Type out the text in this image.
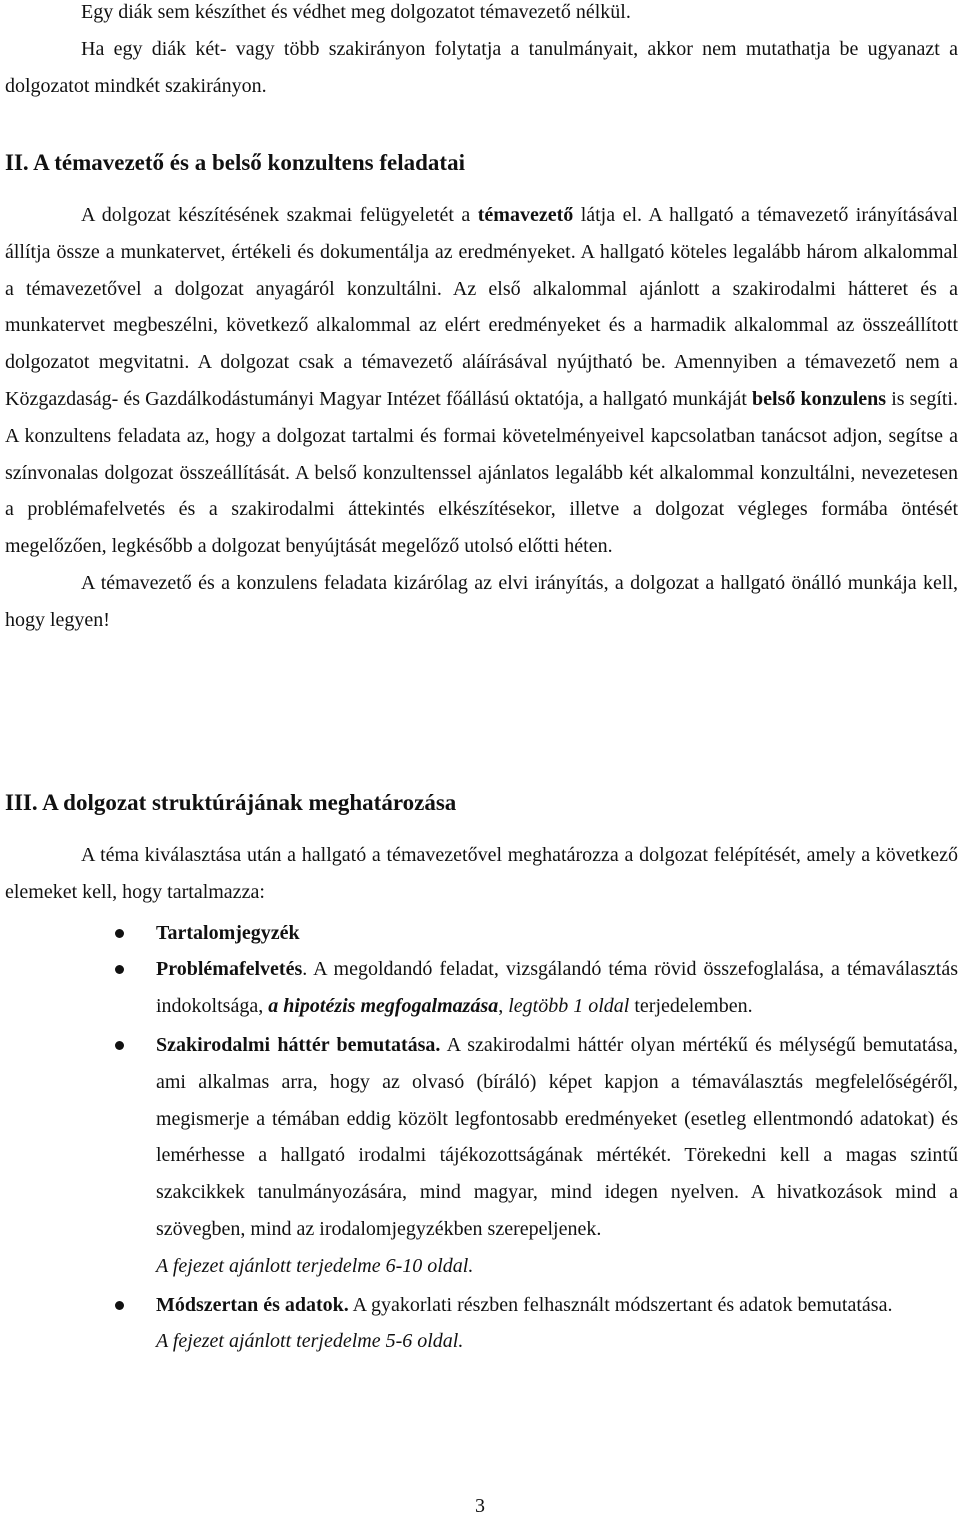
Egy diák sem készíthet és védhet meg dolgozatot témavezető nélkül.

Ha egy diák két- vagy több szakirányon folytatja a tanulmányait, akkor nem mutathatja be ugyanazt a dolgozatot mindkét szakirányon.

II. A témavezető és a belső konzultens feladatai

A dolgozat készítésének szakmai felügyeletét a témavezető látja el. A hallgató a témavezető irányításával állítja össze a munkatervet, értékeli és dokumentálja az eredményeket. A hallgató köteles legalább három alkalommal a témavezetővel a dolgozat anyagáról konzultálni. Az első alkalommal ajánlott a szakirodalmi hátteret és a munkatervet megbeszélni, következő alkalommal az elért eredményeket és a harmadik alkalommal az összeállított dolgozatot megvitatni. A dolgozat csak a témavezető aláírásával nyújtható be. Amennyiben a témavezető nem a Közgazdaság- és Gazdálkodástumányi Magyar Intézet főállású oktatója, a hallgató munkáját belső konzulens is segíti. A konzultens feladata az, hogy a dolgozat tartalmi és formai követelményeivel kapcsolatban tanácsot adjon, segítse a színvonalas dolgozat összeállítását. A belső konzultenssel ajánlatos legalább két alkalommal konzultálni, nevezetesen a problémafelvetés és a szakirodalmi áttekintés elkészítésekor, illetve a dolgozat végleges formába öntését megelőzően, legkésőbb a dolgozat benyújtását megelőző utolsó előtti héten.

A témavezető és a konzulens feladata kizárólag az elvi irányítás, a dolgozat a hallgató önálló munkája kell, hogy legyen!

III. A dolgozat struktúrájának meghatározása

A téma kiválasztása után a hallgató a témavezetővel meghatározza a dolgozat felépítését, amely a következő elemeket kell, hogy tartalmazza:

Tartalomjegyzék

Problémafelvetés. A megoldandó feladat, vizsgálandó téma rövid összefoglalása, a témaválasztás indokoltsága, a hipotézis megfogalmazása, legtöbb 1 oldal terjedelemben.

Szakirodalmi háttér bemutatása. A szakirodalmi háttér olyan mértékű és mélységű bemutatása, ami alkalmas arra, hogy az olvasó (bíráló) képet kapjon a témaválasztás megfelelőségéről, megismerje a témában eddig közölt legfontosabb eredményeket (esetleg ellentmondó adatokat) és lemérhesse a hallgató irodalmi tájékozottságának mértékét. Törekedni kell a magas szintű szakcikkek tanulmányozására, mind magyar, mind idegen nyelven. A hivatkozások mind a szövegben, mind az irodalomjegyzékben szerepeljenek.

A fejezet ajánlott terjedelme 6-10 oldal.

Módszertan és adatok. A gyakorlati részben felhasznált módszertant és adatok bemutatása.

A fejezet ajánlott terjedelme 5-6 oldal.

3
